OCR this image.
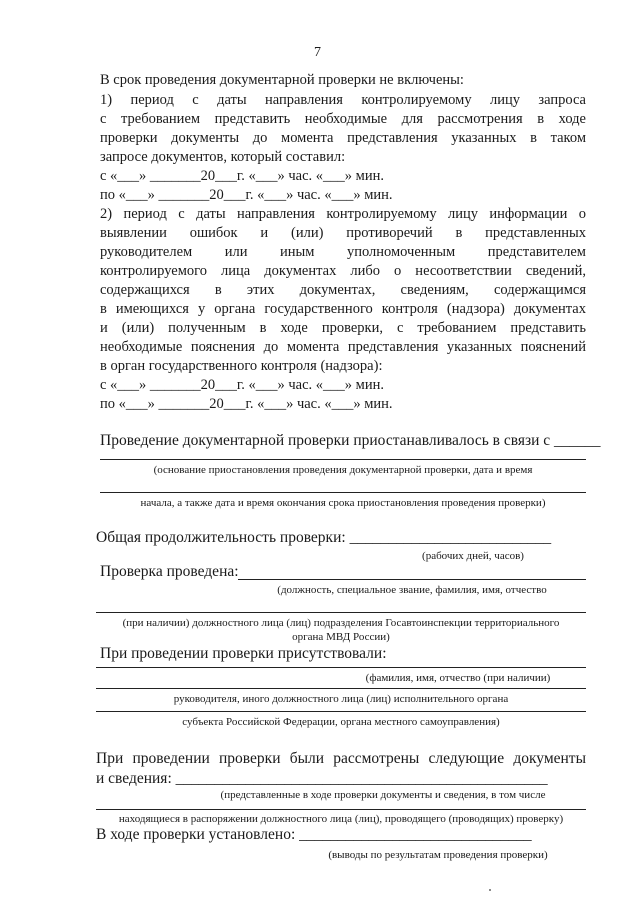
7
В срок проведения документарной проверки не включены:
1) период с даты направления контролируемому лицу запроса
с требованием представить необходимые для рассмотрения в ходе
проверки документы до момента представления указанных в таком
запросе документов, который составил:
с «___» _______20___г. «___» час. «___» мин.
по «___» _______20___г. «___» час. «___» мин.
2) период с даты направления контролируемому лицу информации о
выявлении ошибок и (или) противоречий в представленных
руководителем или иным уполномоченным представителем
контролируемого лица документах либо о несоответствии сведений,
содержащихся в этих документах, сведениям, содержащимся
в имеющихся у органа государственного контроля (надзора) документах
и (или) полученным в ходе проверки, с требованием представить
необходимые пояснения до момента представления указанных пояснений
в орган государственного контроля (надзора):
с «___» _______20___г. «___» час. «___» мин.
по «___» _______20___г. «___» час. «___» мин.
Проведение документарной проверки приостанавливалось в связи с ______
(основание приостановления проведения документарной проверки, дата и время
начала, а также дата и время окончания срока приостановления проведения проверки)
Общая продолжительность проверки: __________________________
(рабочих дней, часов)
Проверка проведена:
(должность, специальное звание, фамилия, имя, отчество
(при наличии) должностного лица (лиц) подразделения Госавтоинспекции территориального
органа МВД России)
При проведении проверки присутствовали:
(фамилия, имя, отчество (при наличии)
руководителя, иного должностного лица (лиц) исполнительного органа
субъекта Российской Федерации, органа местного самоуправления)
При проведении проверки были рассмотрены следующие документы
и сведения: ________________________________________________
(представленные в ходе проверки документы и сведения, в том числе
находящиеся в распоряжении должностного лица (лиц), проводящего (проводящих) проверку)
В ходе проверки установлено: ______________________________
(выводы по результатам проведения проверки)
